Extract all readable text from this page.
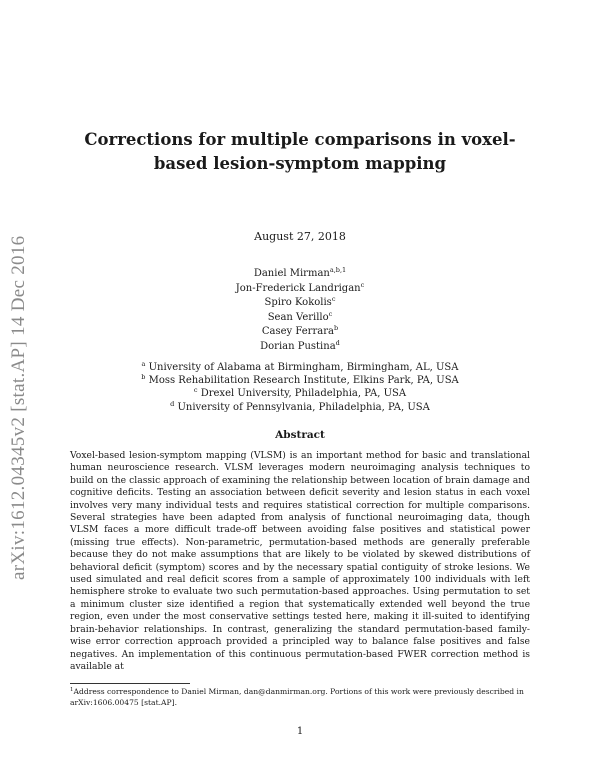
arXiv:1612.04345v2 [stat.AP] 14 Dec 2016
Corrections for multiple comparisons in voxel-based lesion-symptom mapping
August 27, 2018
Daniel Mirman$^{a,b,1}$
Jon-Frederick Landrigan$^c$
Spiro Kokolis$^c$
Sean Verillo$^c$
Casey Ferrara$^b$
Dorian Pustina$^d$
$^a$ University of Alabama at Birmingham, Birmingham, AL, USA
$^b$ Moss Rehabilitation Research Institute, Elkins Park, PA, USA
$^c$ Drexel University, Philadelphia, PA, USA
$^d$ University of Pennsylvania, Philadelphia, PA, USA
Abstract

Voxel-based lesion-symptom mapping (VLSM) is an important method for basic and translational human neuroscience research. VLSM leverages modern neuroimaging analysis techniques to build on the classic approach of examining the relationship between location of brain damage and cognitive deficits. Testing an association between deficit severity and lesion status in each voxel involves very many individual tests and requires statistical correction for multiple comparisons. Several strategies have been adapted from analysis of functional neuroimaging data, though VLSM faces a more difficult trade-off between avoiding false positives and statistical power (missing true effects). Non-parametric, permutation-based methods are generally preferable because they do not make assumptions that are likely to be violated by skewed distributions of behavioral deficit (symptom) scores and by the necessary spatial contiguity of stroke lesions. We used simulated and real deficit scores from a sample of approximately 100 individuals with left hemisphere stroke to evaluate two such permutation-based approaches. Using permutation to set a minimum cluster size identified a region that systematically extended well beyond the true region, even under the most conservative settings tested here, making it ill-suited to identifying brain-behavior relationships. In contrast, generalizing the standard permutation-based family-wise error correction approach provided a principled way to balance false positives and false negatives. An implementation of this continuous permutation-based FWER correction method is available at

$^1$Address correspondence to Daniel Mirman, dan@danmirman.org. Portions of this work were previously described in arXiv:1606.00475 [stat.AP].

1
